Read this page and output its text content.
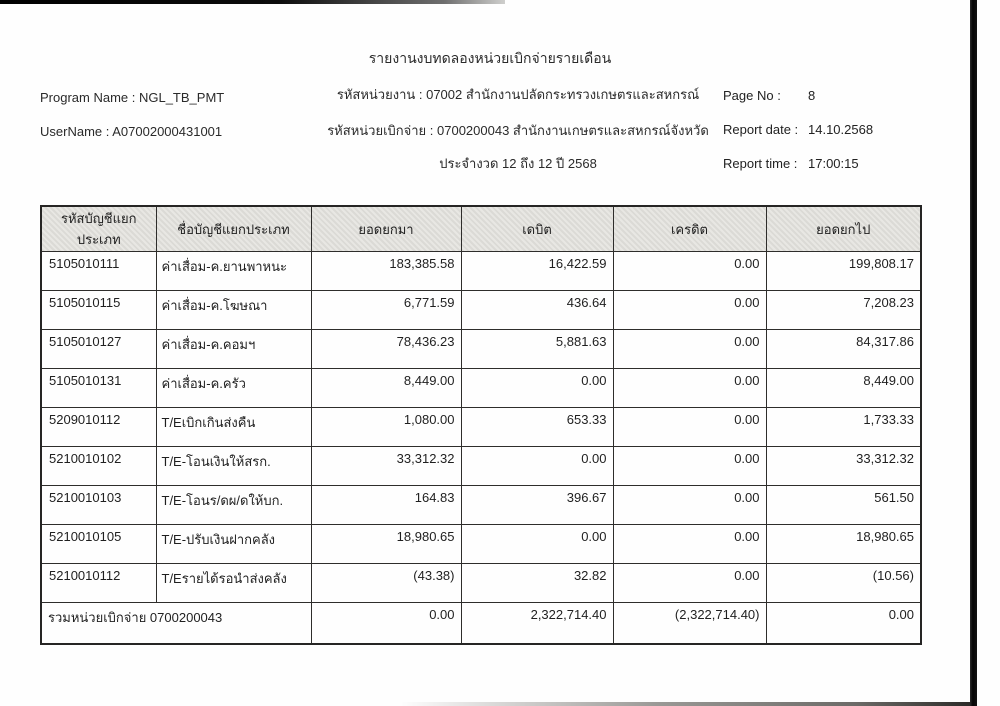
รายงานงบทดลองหน่วยเบิกจ่ายรายเดือน
Program Name : NGL_TB_PMT
UserName : A07002000431001
รหัสหน่วยงาน : 07002 สำนักงานปลัดกระทรวงเกษตรและสหกรณ์
รหัสหน่วยเบิกจ่าย : 0700200043 สำนักงานเกษตรและสหกรณ์จังหวัด
ประจำงวด 12 ถึง 12 ปี 2568
Page No : 8
Report date : 14.10.2568
Report time : 17:00:15
รหัสบัญชีแยกประเภท	ชื่อบัญชีแยกประเภท	ยอดยกมา	เดบิต	เครดิต	ยอดยกไป
5105010111	ค่าเสื่อม-ค.ยานพาหนะ	183,385.58	16,422.59	0.00	199,808.17
5105010115	ค่าเสื่อม-ค.โฆษณา	6,771.59	436.64	0.00	7,208.23
5105010127	ค่าเสื่อม-ค.คอมฯ	78,436.23	5,881.63	0.00	84,317.86
5105010131	ค่าเสื่อม-ค.ครัว	8,449.00	0.00	0.00	8,449.00
5209010112	T/Eเบิกเกินส่งคืน	1,080.00	653.33	0.00	1,733.33
5210010102	T/E-โอนเงินให้สรก.	33,312.32	0.00	0.00	33,312.32
5210010103	T/E-โอนร/ดผ/ดให้บก.	164.83	396.67	0.00	561.50
5210010105	T/E-ปรับเงินฝากคลัง	18,980.65	0.00	0.00	18,980.65
5210010112	T/Eรายได้รอนำส่งคลัง	(43.38)	32.82	0.00	(10.56)
รวมหน่วยเบิกจ่าย 0700200043		0.00	2,322,714.40	(2,322,714.40)	0.00
